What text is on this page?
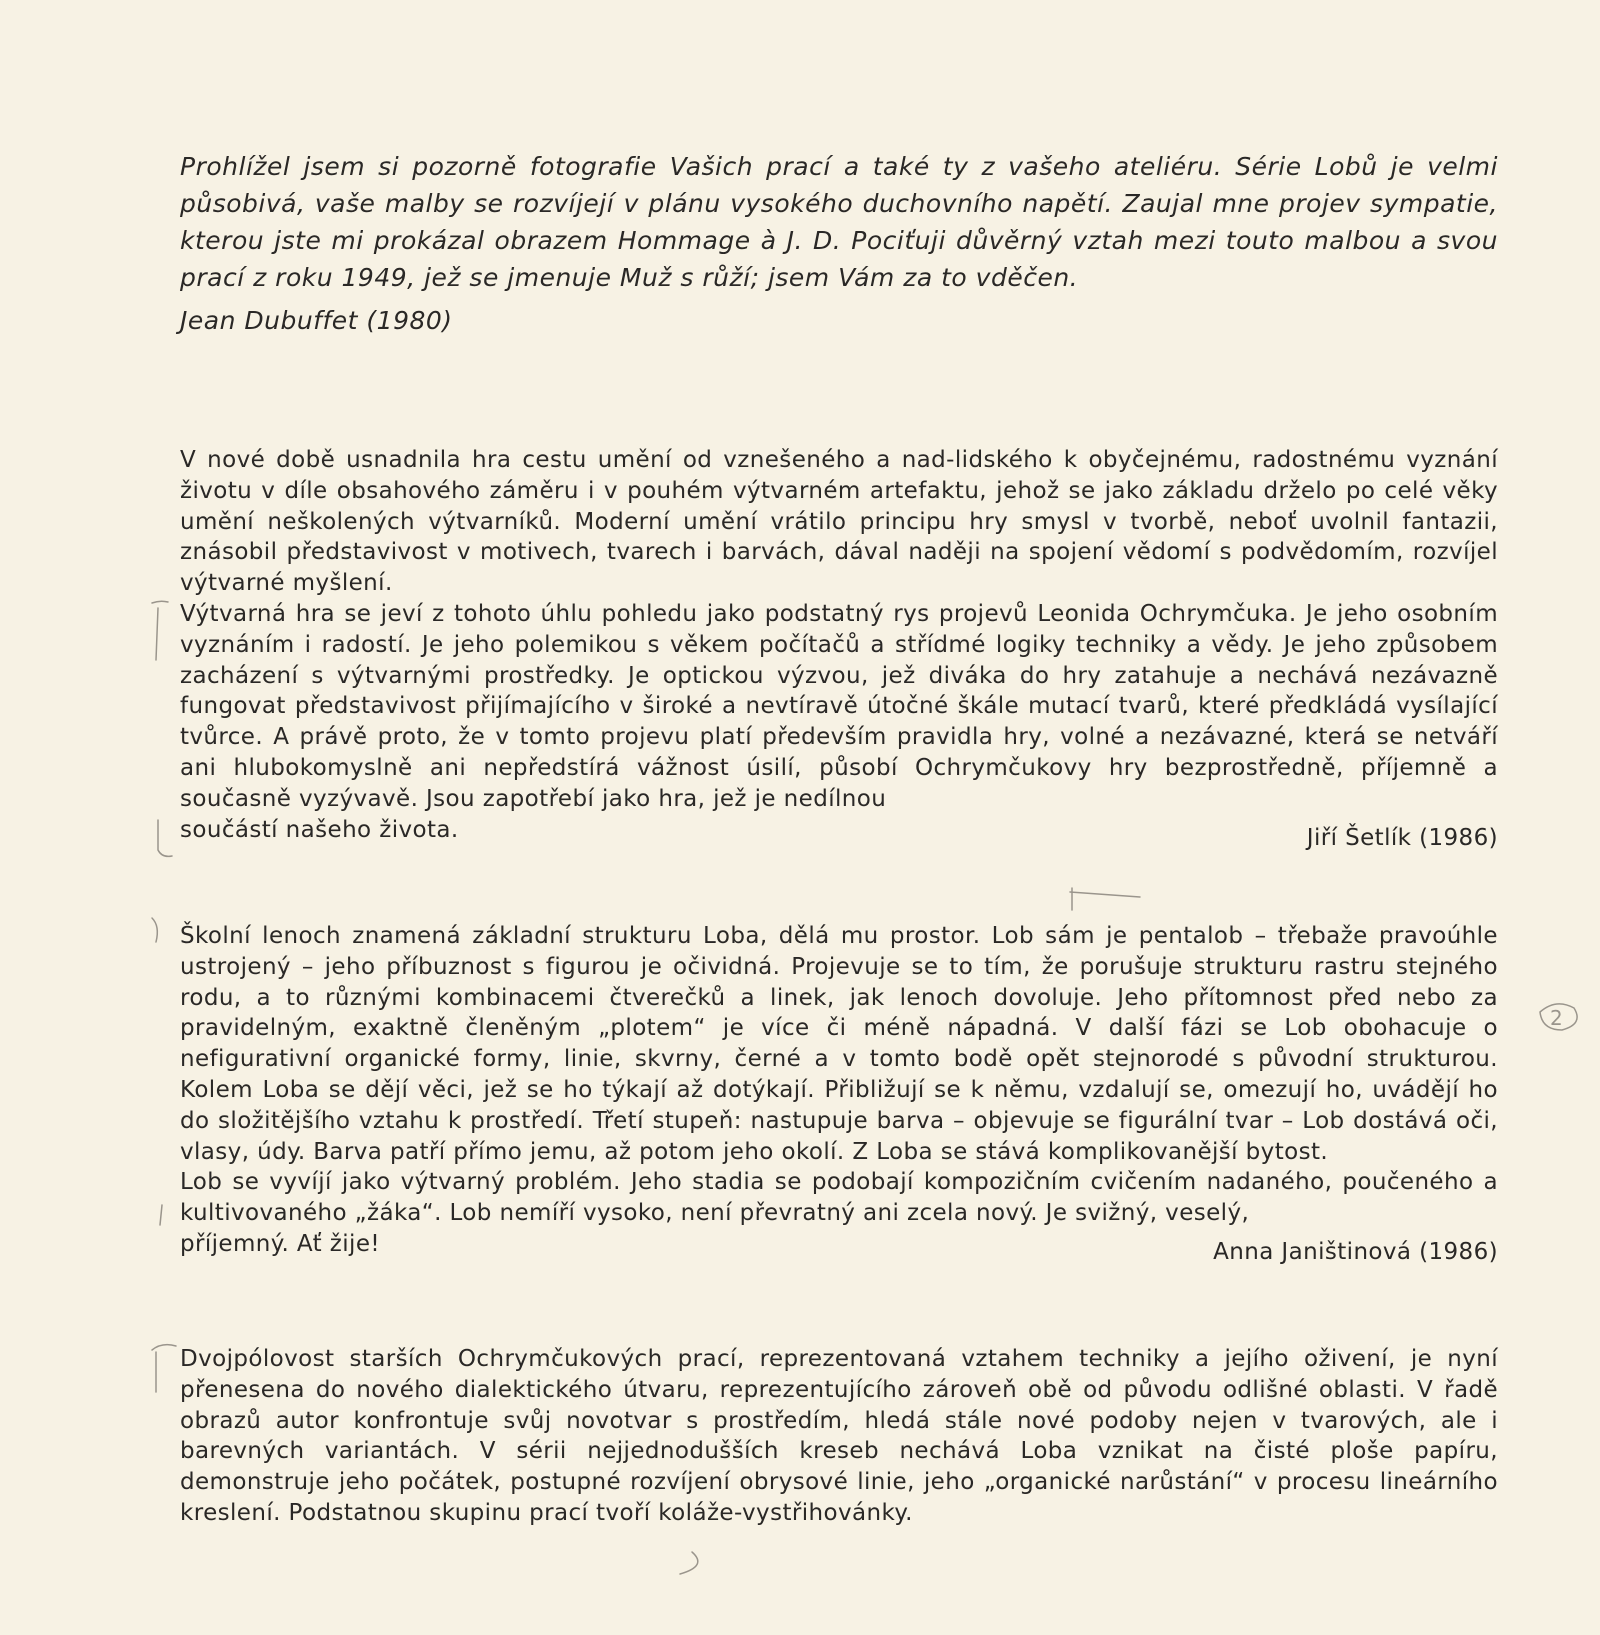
Prohlížel jsem si pozorně fotografie Vašich prací a také ty z vašeho ateliéru. Série Lobů je velmi působivá, vaše malby se rozvíjejí v plánu vysokého duchovního napětí. Zaujal mne projev sympatie, kterou jste mi prokázal obrazem Hommage à J. D. Pociťuji důvěrný vztah mezi touto malbou a svou prací z roku 1949, jež se jmenuje Muž s růží; jsem Vám za to vděčen.
Jean Dubuffet (1980)

V nové době usnadnila hra cestu umění od vznešeného a nad-lidského k obyčejnému, radostnému vyznání životu v díle obsahového záměru i v pouhém výtvarném artefaktu, jehož se jako základu drželo po celé věky umění neškolených výtvarníků. Moderní umění vrátilo principu hry smysl v tvorbě, neboť uvolnil fantazii, znásobil představivost v motivech, tvarech i barvách, dával naději na spojení vědomí s podvědomím, rozvíjel výtvarné myšlení.

Výtvarná hra se jeví z tohoto úhlu pohledu jako podstatný rys projevů Leonida Ochrymčuka. Je jeho osobním vyznáním i radostí. Je jeho polemikou s věkem počítačů a střídmé logiky techniky a vědy. Je jeho způsobem zacházení s výtvarnými prostředky. Je optickou výzvou, jež diváka do hry zatahuje a nechává nezávazně fungovat představivost přijímajícího v široké a nevtíravě útočné škále mutací tvarů, které předkládá vysílající tvůrce. A právě proto, že v tomto projevu platí především pravidla hry, volné a nezávazné, která se netváří ani hlubokomyslně ani nepředstírá vážnost úsilí, působí Ochrymčukovy hry bezprostředně, příjemně a současně vyzývavě. Jsou zapotřebí jako hra, jež je nedílnou

součástí našeho života.	Jiří Šetlík (1986)

Školní lenoch znamená základní strukturu Loba, dělá mu prostor. Lob sám je pentalob – třebaže pravoúhle ustrojený – jeho příbuznost s figurou je očividná. Projevuje se to tím, že porušuje strukturu rastru stejného rodu, a to různými kombinacemi čtverečků a linek, jak lenoch dovoluje. Jeho přítomnost před nebo za pravidelným, exaktně členěným „plotem“ je více či méně nápadná. V další fázi se Lob obohacuje o nefigurativní organické formy, linie, skvrny, černé a v tomto bodě opět stejnorodé s původní strukturou. Kolem Loba se dějí věci, jež se ho týkají až dotýkají. Přibližují se k němu, vzdalují se, omezují ho, uvádějí ho do složitějšího vztahu k prostředí. Třetí stupeň: nastupuje barva – objevuje se figurální tvar – Lob dostává oči, vlasy, údy. Barva patří přímo jemu, až potom jeho okolí. Z Loba se stává komplikovanější bytost.

Lob se vyvíjí jako výtvarný problém. Jeho stadia se podobají kompozičním cvičením nadaného, poučeného a kultivovaného „žáka“. Lob nemíří vysoko, není převratný ani zcela nový. Je svižný, veselý,

příjemný. Ať žije!	Anna Janištinová (1986)

Dvojpólovost starších Ochrymčukových prací, reprezentovaná vztahem techniky a jejího oživení, je nyní přenesena do nového dialektického útvaru, reprezentujícího zároveň obě od původu odlišné oblasti. V řadě obrazů autor konfrontuje svůj novotvar s prostředím, hledá stále nové podoby nejen v tvarových, ale i barevných variantách. V sérii nejjednodušších kreseb nechává Loba vznikat na čisté ploše papíru, demonstruje jeho počátek, postupné rozvíjení obrysové linie, jeho „organické narůstání“ v procesu lineárního kreslení. Podstatnou skupinu prací tvoří koláže-vystřihovánky.

2
